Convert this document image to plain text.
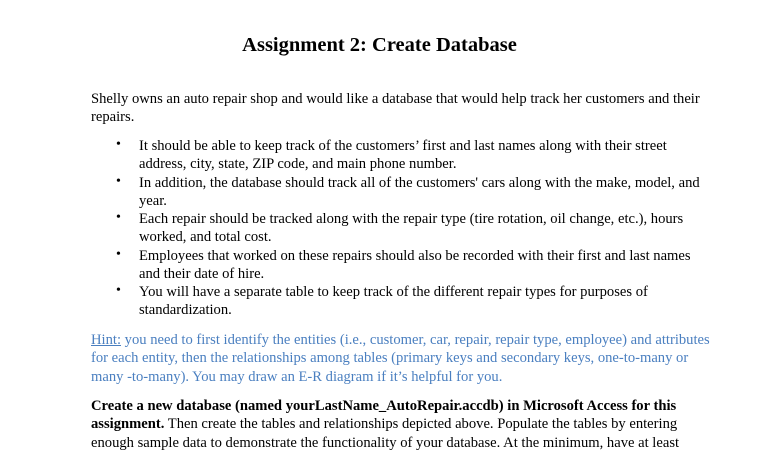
Assignment 2: Create Database
Shelly owns an auto repair shop and would like a database that would help track her customers and their
repairs.
• It should be able to keep track of the customers’ first and last names along with their street
address, city, state, ZIP code, and main phone number.
• In addition, the database should track all of the customers' cars along with the make, model, and
year.
• Each repair should be tracked along with the repair type (tire rotation, oil change, etc.), hours
worked, and total cost.
• Employees that worked on these repairs should also be recorded with their first and last names
and their date of hire.
• You will have a separate table to keep track of the different repair types for purposes of
standardization.
Hint: you need to first identify the entities (i.e., customer, car, repair, repair type, employee) and attributes
for each entity, then the relationships among tables (primary keys and secondary keys, one-to-many or
many -to-many). You may draw an E-R diagram if it’s helpful for you.
Create a new database (named yourLastName_AutoRepair.accdb) in Microsoft Access for this
assignment. Then create the tables and relationships depicted above. Populate the tables by entering
enough sample data to demonstrate the functionality of your database. At the minimum, have at least
